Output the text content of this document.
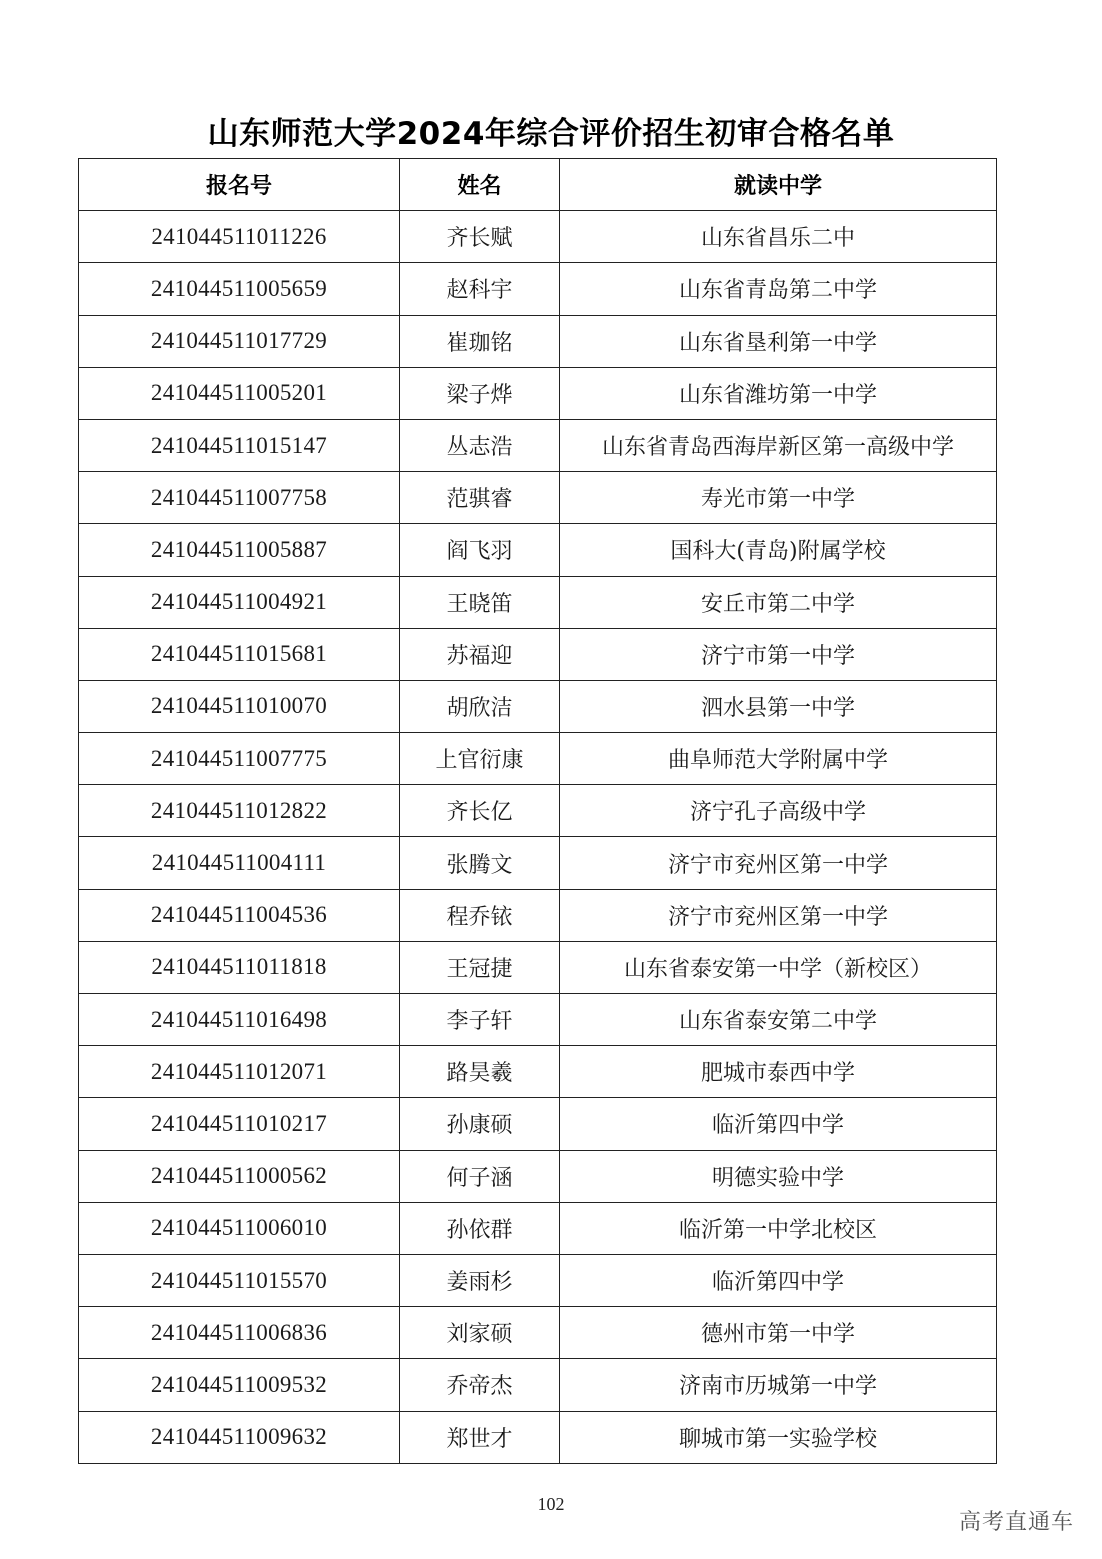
山东师范大学2024年综合评价招生初审合格名单
报名号	姓名	就读中学
241044511011226	齐长赋	山东省昌乐二中
241044511005659	赵科宇	山东省青岛第二中学
241044511017729	崔珈铭	山东省垦利第一中学
241044511005201	梁子烨	山东省潍坊第一中学
241044511015147	丛志浩	山东省青岛西海岸新区第一高级中学
241044511007758	范骐睿	寿光市第一中学
241044511005887	阎飞羽	国科大(青岛)附属学校
241044511004921	王晓笛	安丘市第二中学
241044511015681	苏福迎	济宁市第一中学
241044511010070	胡欣洁	泗水县第一中学
241044511007775	上官衍康	曲阜师范大学附属中学
241044511012822	齐长亿	济宁孔子高级中学
241044511004111	张腾文	济宁市兖州区第一中学
241044511004536	程乔铱	济宁市兖州区第一中学
241044511011818	王冠捷	山东省泰安第一中学（新校区）
241044511016498	李子轩	山东省泰安第二中学
241044511012071	路昊羲	肥城市泰西中学
241044511010217	孙康硕	临沂第四中学
241044511000562	何子涵	明德实验中学
241044511006010	孙依群	临沂第一中学北校区
241044511015570	姜雨杉	临沂第四中学
241044511006836	刘家硕	德州市第一中学
241044511009532	乔帝杰	济南市历城第一中学
241044511009632	郑世才	聊城市第一实验学校
102
高考直通车
